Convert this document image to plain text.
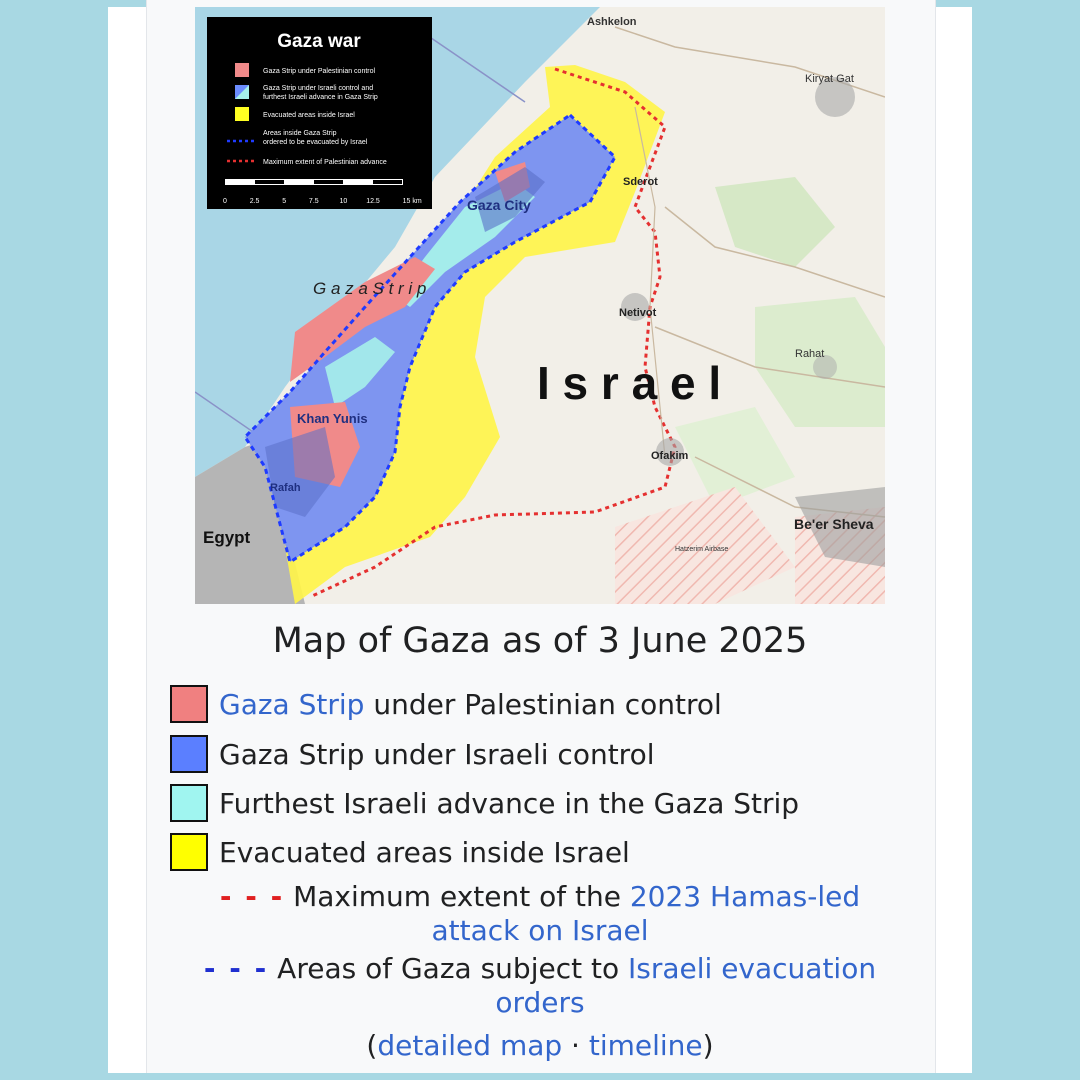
Gaza war
Gaza Strip under Palestinian control
Gaza Strip under Israeli control and furthest Israeli advance in Gaza Strip
Evacuated areas inside Israel
Areas inside Gaza Strip ordered to be evacuated by Israel
Maximum extent of Palestinian advance
0	2.5	5	7.5	10	12.5	15 km
Ashkelon
Kiryat Gat
Sderot
Gaza City
G a z a S t r i p
Netivot
Rahat
I s r a e l
Khan Yunis
Ofakim
Rafah
Be'er Sheva
Egypt
Hatzerim Airbase
Map of Gaza as of 3 June 2025
Gaza Strip under Palestinian control
Gaza Strip under Israeli control
Furthest Israeli advance in the Gaza Strip
Evacuated areas inside Israel
- - - Maximum extent of the 2023 Hamas-led
attack on Israel
- - - Areas of Gaza subject to Israeli evacuation
orders
(detailed map · timeline)
